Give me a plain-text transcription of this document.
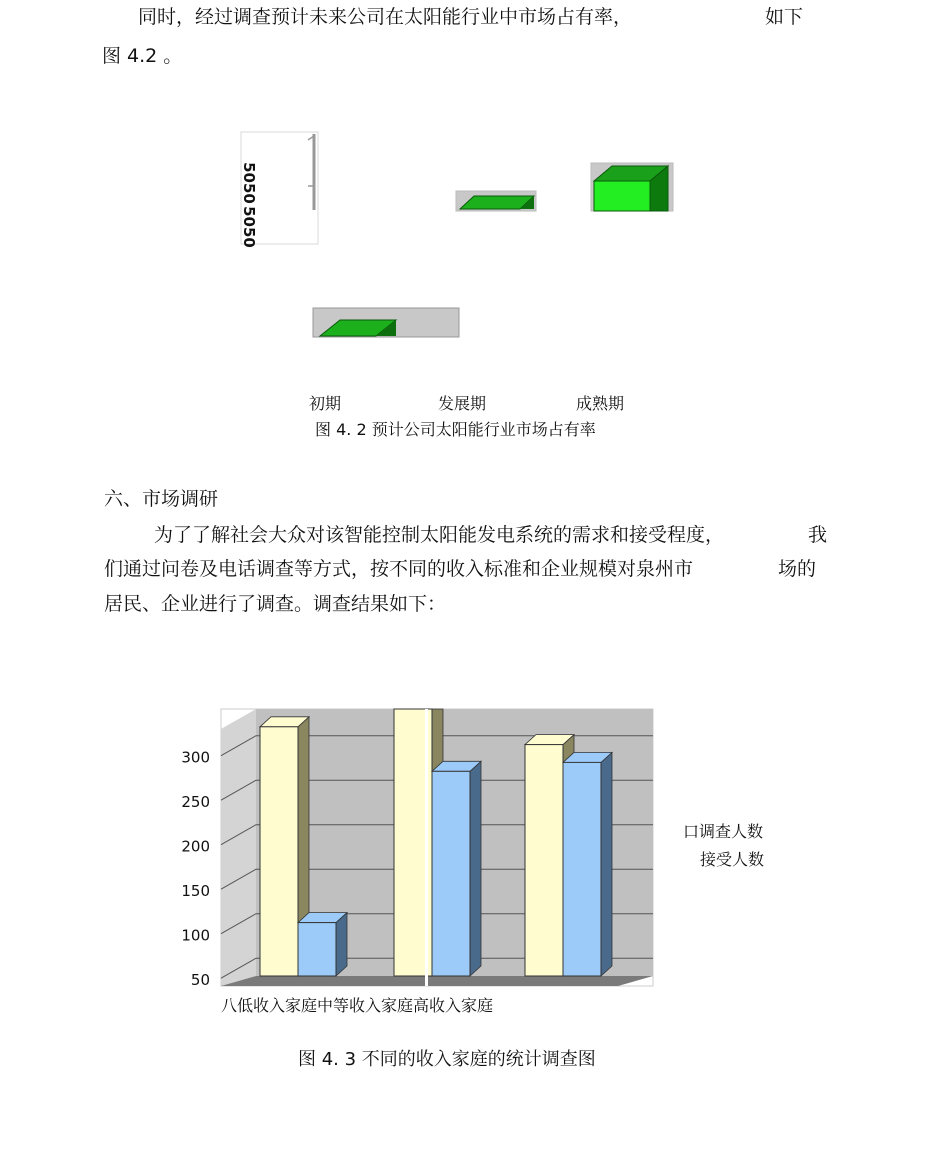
同时，经过调查预计未来公司在太阳能行业中市场占有率，	如下
图 4.2 。
5050
5050
初期	发展期	成熟期
图 4. 2 预计公司太阳能行业市场占有率
六、市场调研
为了了解社会大众对该智能控制太阳能发电系统的需求和接受程度，	我
们通过问卷及电话调查等方式，按不同的收入标准和企业规模对泉州市	场的
居民、企业进行了调查。调查结果如下：
50
100
150
200
250
300
口调查人数
接受人数
八低收入家庭中等收入家庭高收入家庭
图 4. 3 不同的收入家庭的统计调查图
